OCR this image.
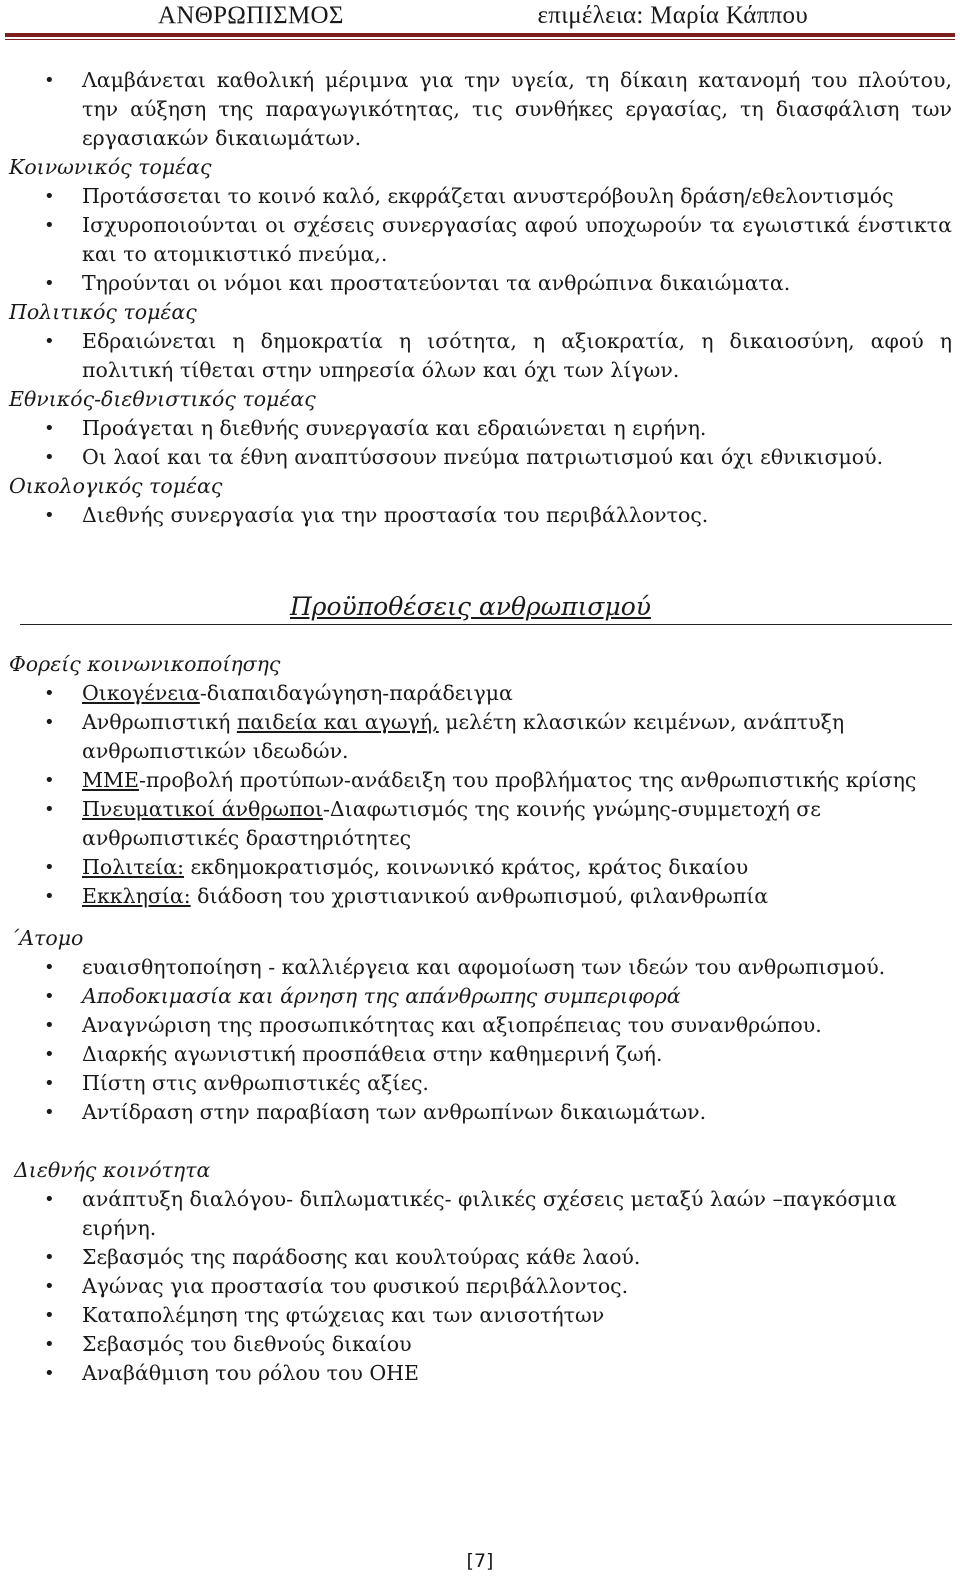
ΑΝΘΡΩΠΙΣΜΟΣ	επιμέλεια: Μαρία Κάππου
• Λαμβάνεται καθολική μέριμνα για την υγεία, τη δίκαιη κατανομή του πλούτου, την αύξηση της παραγωγικότητας, τις συνθήκες εργασίας, τη διασφάλιση των εργασιακών δικαιωμάτων.
Κοινωνικός τομέας
• Προτάσσεται το κοινό καλό, εκφράζεται ανυστερόβουλη δράση/εθελοντισμός
• Ισχυροποιούνται οι σχέσεις συνεργασίας αφού υποχωρούν τα εγωιστικά ένστικτα και το ατομικιστικό πνεύμα,.
• Τηρούνται οι νόμοι και προστατεύονται τα ανθρώπινα δικαιώματα.
Πολιτικός τομέας
• Εδραιώνεται η δημοκρατία η ισότητα, η αξιοκρατία, η δικαιοσύνη, αφού η πολιτική τίθεται στην υπηρεσία όλων και όχι των λίγων.
Εθνικός-διεθνιστικός τομέας
• Προάγεται η διεθνής συνεργασία και εδραιώνεται η ειρήνη.
• Οι λαοί και τα έθνη αναπτύσσουν πνεύμα πατριωτισμού και όχι εθνικισμού.
Οικολογικός τομέας
• Διεθνής συνεργασία για την προστασία του περιβάλλοντος.
Προϋποθέσεις ανθρωπισμού
Φορείς κοινωνικοποίησης
• Οικογένεια-διαπαιδαγώγηση-παράδειγμα
• Ανθρωπιστική παιδεία και αγωγή, μελέτη κλασικών κειμένων, ανάπτυξη ανθρωπιστικών ιδεωδών.
• ΜΜΕ-προβολή προτύπων-ανάδειξη του προβλήματος της ανθρωπιστικής κρίσης
• Πνευματικοί άνθρωποι-Διαφωτισμός της κοινής γνώμης-συμμετοχή σε ανθρωπιστικές δραστηριότητες
• Πολιτεία: εκδημοκρατισμός, κοινωνικό κράτος, κράτος δικαίου
• Εκκλησία: διάδοση του χριστιανικού ανθρωπισμού, φιλανθρωπία
΄Ατομο
• ευαισθητοποίηση - καλλιέργεια και αφομοίωση των ιδεών του ανθρωπισμού.
• Αποδοκιμασία και άρνηση της απάνθρωπης συμπεριφορά
• Αναγνώριση της προσωπικότητας και αξιοπρέπειας του συνανθρώπου.
• Διαρκής αγωνιστική προσπάθεια στην καθημερινή ζωή.
• Πίστη στις ανθρωπιστικές αξίες.
• Αντίδραση στην παραβίαση των ανθρωπίνων δικαιωμάτων.
Διεθνής κοινότητα
• ανάπτυξη διαλόγου- διπλωματικές- φιλικές σχέσεις μεταξύ λαών –παγκόσμια ειρήνη.
• Σεβασμός της παράδοσης και κουλτούρας κάθε λαού.
• Αγώνας για προστασία του φυσικού περιβάλλοντος.
• Καταπολέμηση της φτώχειας και των ανισοτήτων
• Σεβασμός του διεθνούς δικαίου
• Αναβάθμιση του ρόλου του ΟΗΕ
[7]
